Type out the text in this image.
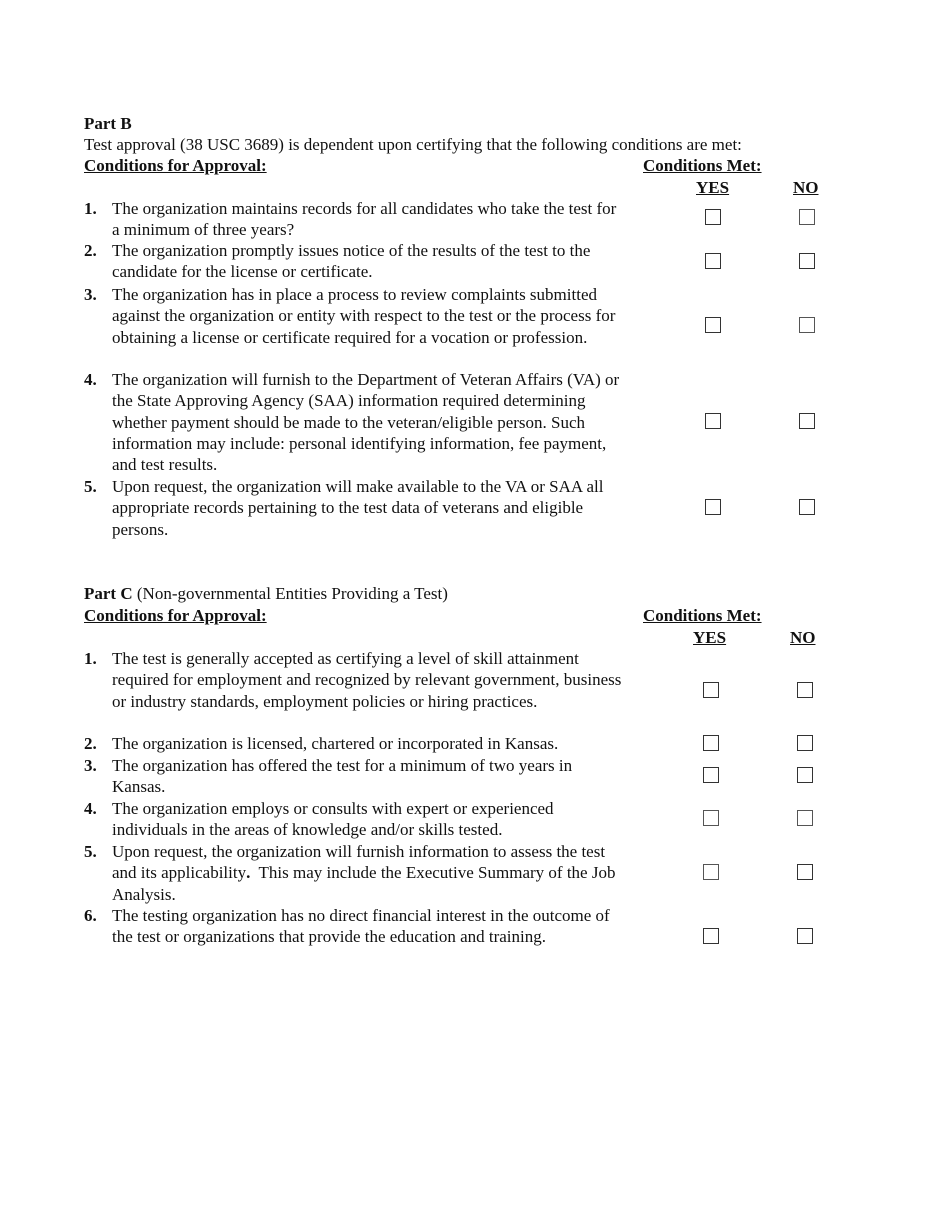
Part B
Test approval (38 USC 3689) is dependent upon certifying that the following conditions are met:
Conditions for Approval:	Conditions Met:
YES	NO
1. The organization maintains records for all candidates who take the test for a minimum of three years?
2. The organization promptly issues notice of the results of the test to the candidate for the license or certificate.
3. The organization has in place a process to review complaints submitted against the organization or entity with respect to the test or the process for obtaining a license or certificate required for a vocation or profession.
4. The organization will furnish to the Department of Veteran Affairs (VA) or the State Approving Agency (SAA) information required determining whether payment should be made to the veteran/eligible person. Such information may include: personal identifying information, fee payment, and test results.
5. Upon request, the organization will make available to the VA or SAA all appropriate records pertaining to the test data of veterans and eligible persons.
Part C (Non-governmental Entities Providing a Test)
Conditions for Approval:	Conditions Met:
YES	NO
1. The test is generally accepted as certifying a level of skill attainment required for employment and recognized by relevant government, business or industry standards, employment policies or hiring practices.
2. The organization is licensed, chartered or incorporated in Kansas.
3. The organization has offered the test for a minimum of two years in Kansas.
4. The organization employs or consults with expert or experienced individuals in the areas of knowledge and/or skills tested.
5. Upon request, the organization will furnish information to assess the test and its applicability.  This may include the Executive Summary of the Job Analysis.
6. The testing organization has no direct financial interest in the outcome of the test or organizations that provide the education and training.
